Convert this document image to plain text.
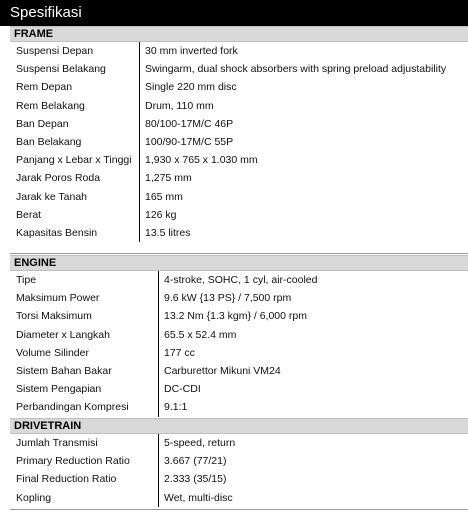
Spesifikasi
FRAME
Suspensi Depan	30 mm inverted fork
Suspensi Belakang	Swingarm, dual shock absorbers with spring preload adjustability
Rem Depan	Single 220 mm disc
Rem Belakang	Drum, 110 mm
Ban Depan	80/100-17M/C 46P
Ban Belakang	100/90-17M/C 55P
Panjang x Lebar x Tinggi	1,930 x 765 x 1.030 mm
Jarak Poros Roda	1,275 mm
Jarak ke Tanah	165 mm
Berat	126 kg
Kapasitas Bensin	13.5 litres
ENGINE
Tipe	4-stroke, SOHC, 1 cyl, air-cooled
Maksimum Power	9.6 kW {13 PS} / 7,500 rpm
Torsi Maksimum	13.2 Nm {1.3 kgm} / 6,000 rpm
Diameter x Langkah	65.5 x 52.4 mm
Volume Silinder	177 cc
Sistem Bahan Bakar	Carburettor Mikuni VM24
Sistem Pengapian	DC-CDI
Perbandingan Kompresi	9.1:1
DRIVETRAIN
Jumlah Transmisi	5-speed, return
Primary Reduction Ratio	3.667 (77/21)
Final Reduction Ratio	2.333 (35/15)
Kopling	Wet, multi-disc
